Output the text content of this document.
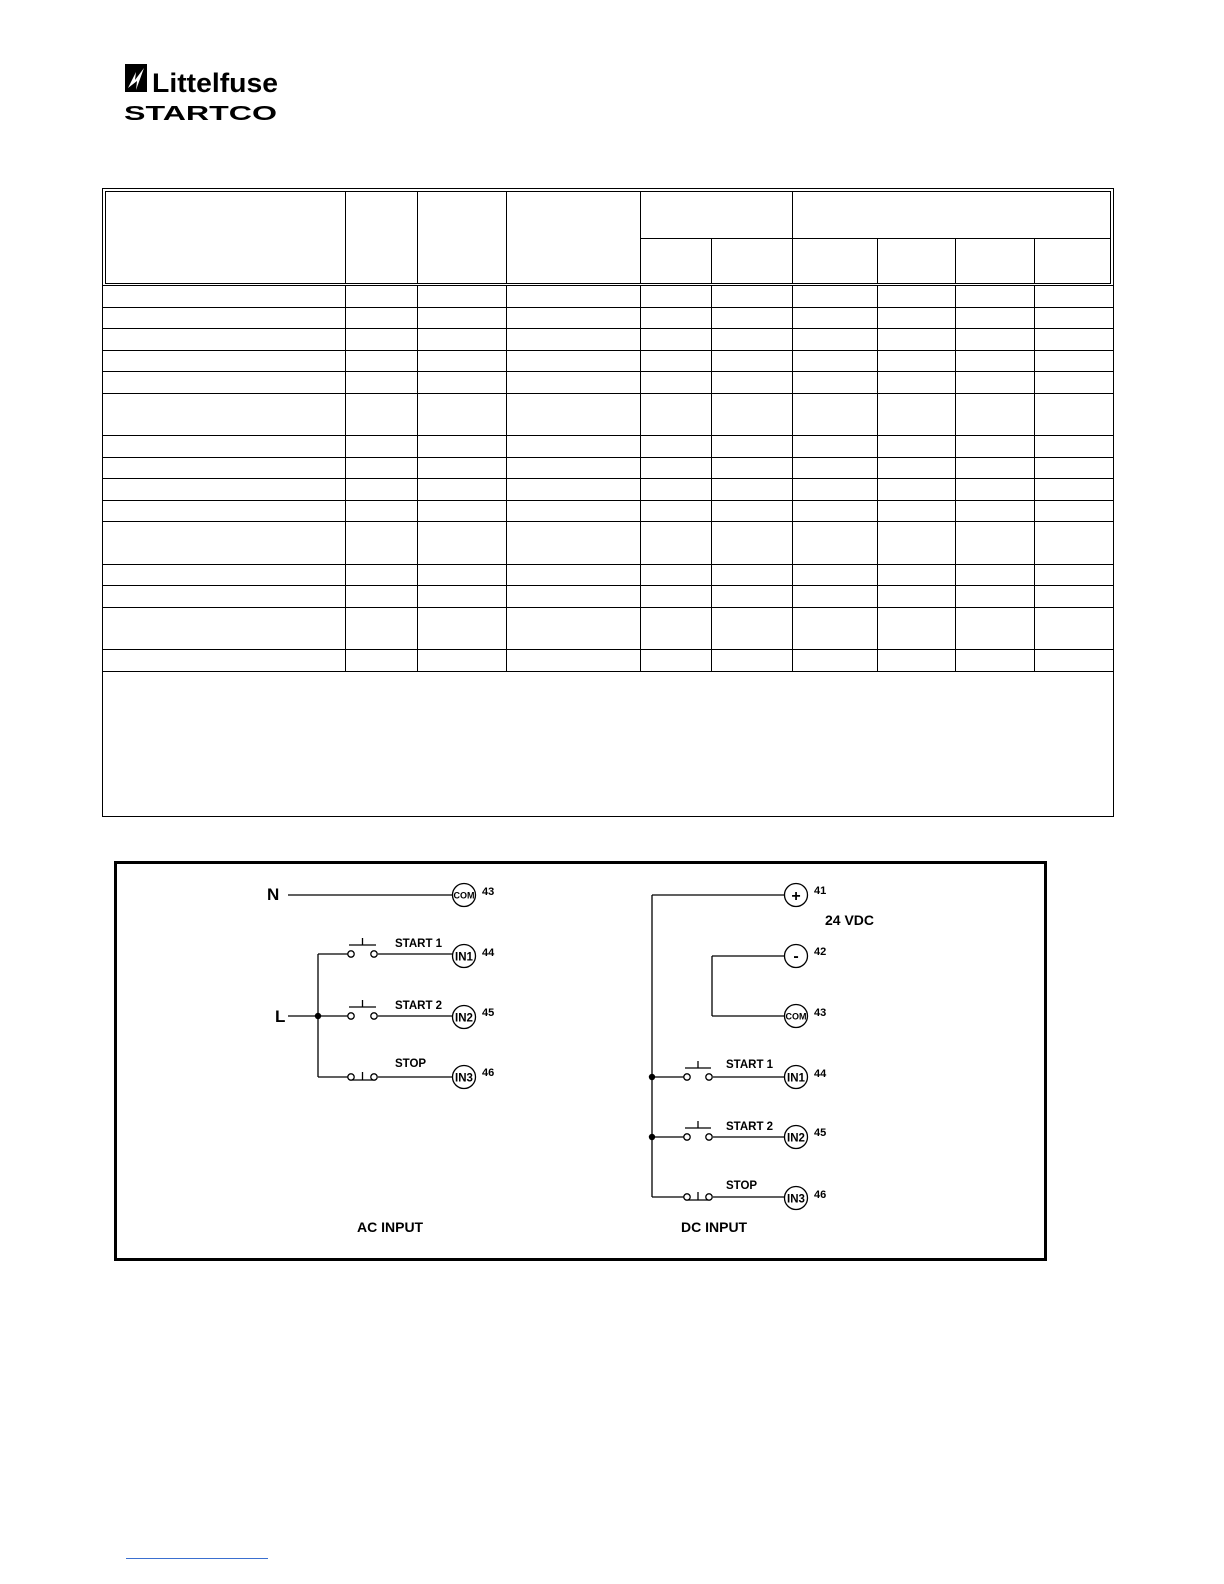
Littelfuse
STARTCO
N
L
COM 43
IN1 44
START 1
IN2 45
START 2
IN3 46
STOP
AC INPUT
+ 41
24 VDC
- 42
COM 43
IN1 44
START 1
IN2 45
START 2
IN3 46
STOP
DC INPUT
